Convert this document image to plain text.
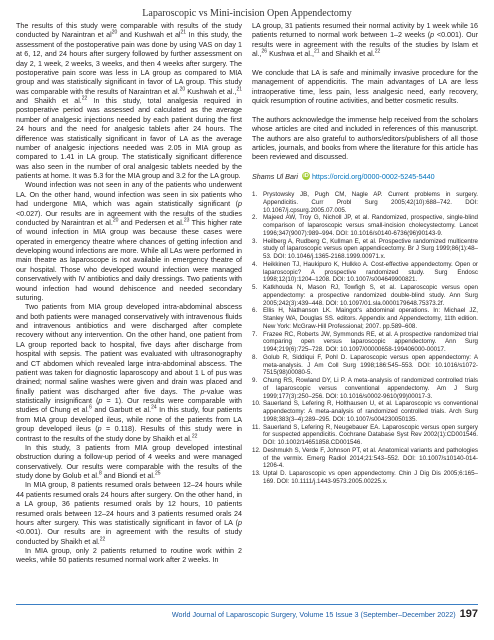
Laparoscopic vs Mini-incision Open Appendectomy

The results of this study were comparable with results of the study conducted by Naraintran et $al^{20}$ and Kushwah et $al^{21}$ In this study, the assessment of the postoperative pain was done by using VAS on day 1 at 6, 12, and 24 hours after surgery followed by further assessment on day 2, 1 week, 2 weeks, 3 weeks, and then 4 weeks after surgery. The postoperative pain score was less in LA group as compared to MIA group and was statistically significant in favor of LA group. This study was comparable with the results of Naraintran et al.$^{20}$ Kushwah et al.,$^{21}$ and Shaikh et al.$^{22}$ In this study, total analgesia required in postoperative period was assessed and calculated as the average number of analgesic injections needed by each patient during the first 24 hours and the need for analgesic tablets after 24 hours. The difference was statistically significant in favor of LA as the average number of analgesic injections needed was 2.05 in MIA group as compared to 1.41 in LA group. The statistically significant difference was also seen in the number of oral analgesic tablets needed by the patients at home. It was 5.3 for the MIA group and 3.2 for the LA group.

Wound infection was not seen in any of the patients who underwent LA. On the other hand, wound infection was seen in six patients who had undergone MIA, which was again statistically significant (p <0.027). Our results are in agreement with the results of the studies conducted by Naraintran et al.$^{20}$ and Pedersen et al.$^{23}$ This higher rate of wound infection in MIA group was because these cases were operated in emergency theatre where chances of getting infection and developing wound infections are more. While all LAs were performed in main theatre as laparoscope is not available in emergency theatre of our hospital. Those who developed wound infection were managed conservatively with IV antibiotics and daily dressings. Two patients with wound infection had wound dehiscence and needed secondary suturing.

Two patients from MIA group developed intra-abdominal abscess and both patients were managed conservatively with intravenous fluids and intravenous antibiotics and were discharged after complete recovery without any intervention. On the other hand, one patient from LA group reported back to hospital, five days after discharge from hospital with sepsis. The patient was evaluated with ultrasonography and CT abdomen which revealed large intra-abdominal abscess. The patient was taken for diagnostic laparoscopy and about 1 L of pus was drained; normal saline washes were given and drain was placed and finally patient was discharged after five days. The p-value was statistically insignificant (p = 1). Our results were comparable with studies of Chung et al.$^6$ and Garbutt et al.$^{24}$ In this study, four patients from MIA group developed ileus, while none of the patients from LA group developed ileus (p = 0.118). Results of this study were in contrast to the results of the study done by Shaikh et al.$^{22}$

In this study, 3 patients from MIA group developed intestinal obstruction during a follow-up period of 4 weeks and were managed conservatively. Our results were comparable with the results of the study done by Golub et al.$^8$ and Biondi et al.$^{25}$

In MIA group, 8 patients resumed orals between 12–24 hours while 44 patients resumed orals 24 hours after surgery. On the other hand, in a LA group, 36 patients resumed orals by 12 hours, 10 patients resumed orals between 12–24 hours and 3 patients resumed orals 24 hours after surgery. This was statistically significant in favor of LA (p <0.001). Our results are in agreement with the results of study conducted by Shaikh et al.$^{22}$

In MIA group, only 2 patients returned to routine work within 2 weeks, while 50 patients resumed normal work after 2 weeks. In

LA group, 31 patients resumed their normal activity by 1 week while 16 patients returned to normal work between 1–2 weeks (p <0.001). Our results were in agreement with the results of the studies by Islam et al.,$^{26}$ Kushwa et al.,$^{21}$ and Shaikh et al.$^{22}$

We conclude that LA is safe and minimally invasive procedure for the management of appendicitis. The main advantages of LA are less intraoperative time, less pain, less analgesic need, early recovery, quick resumption of routine activities, and better cosmetic results.

The authors acknowledge the immense help received from the scholars whose articles are cited and included in references of this manuscript. The authors are also grateful to authors/editors/publishers of all those articles, journals, and books from where the literature for this article has been reviewed and discussed.

Shams Ul Bari iD https://orcid.org/0000-0002-5245-5440
1. Prystowsky JB, Pugh CM, Nagle AP. Current problems in surgery. Appendicitis. Curr Probl Surg 2005;42(10):688–742. DOI: 10.1067/j.cpsurg.2005.07.005.
2. Majeed AW, Troy G, Nicholl JP, et al. Randomized, prospective, single-blind comparison of laparoscopic versus small-incision cholecystectomy. Lancet 1996;347(9007):989–994. DOI: 10.1016/s0140-6736(96)90143-9.
3. Heilberg A, Rudberg C, Kullman E, et al. Prospective randomized multicentre study of laparoscopic versus open appendicectomy. Br J Surg 1999;86(1):48–53. DOI: 10.1046/j.1365-2168.1999.00971.x.
4. Heikkinen TJ, Haukipuro K, Hulkko A. Cost-effective appendectomy. Open or laparoscopic? A prospective randomized study. Surg Endosc 1998;12(10):1204–1208. DOI: 10.1007/s004649900821.
5. Katkhouda N, Mason RJ, Towfigh S, et al. Laparoscopic versus open appendectomy: a prospective randomized double-blind study. Ann Surg 2005;242(3):439–448. DOI: 10.1097/01.sla.0000179648.75373.2f.
6. Ellis H, Nathanson LK. Maingot's abdominal operations. In: Michael JZ, Stanley WA, Douglas SS. editors. Appendix and Appendectomy, 11th edition. New York: McGraw-Hill Professional; 2007. pp.589–608.
7. Frazee RC, Roberts JW, Symmonds RE, et al. A prospective randomized trial comparing open versus laparoscopic appendectomy. Ann Surg 1994;219(6):725–728. DOI: 10.1097/00000658-199406000-00017.
8. Golub R, Siddiqui F, Pohl D. Laparoscopic versus open appendectomy: A meta-analysis. J Am Coll Surg 1998;186:545–553. DOI: 10.1016/s1072-7515(98)00080-5.
9. Chung RS, Rowland DY, Li P. A meta-analysis of randomized controlled trials of laparoscopic versus conventional appendectomy. Am J Surg 1999;177(3):250–256. DOI: 10.1016/s0002-9610(99)00017-3.
10. Sauerland S, Lefering R, Holthausen U, et al. Laparoscopic vs conventional appendectomy: A meta-analysis of randomized controlled trials. Arch Surg 1998;383(3–4):289–295. DOI: 10.1007/s004230050135.
11. Sauerland S, Lefering R, Neugebauer EA. Laparoscopic versus open surgery for suspected appendicitis. Cochrane Database Syst Rev 2002(1):CD001546. DOI: 10.1002/14651858.CD001546.
12. Deshmukh S, Verde F, Johnson PT, et al. Anatomical variants and pathologies of the vermix. Emerg Radiol 2014;21:543–552. DOI: 10.1007/s10140-014-1206-4.
13. Uptal D. Laparoscopic vs open appendectomy. Chin J Dig Dis 2005;6:165–169. DOI: 10.1111/j.1443-9573.2005.00225.x.
World Journal of Laparoscopic Surgery, Volume 15 Issue 3 (September–December 2022) 197
